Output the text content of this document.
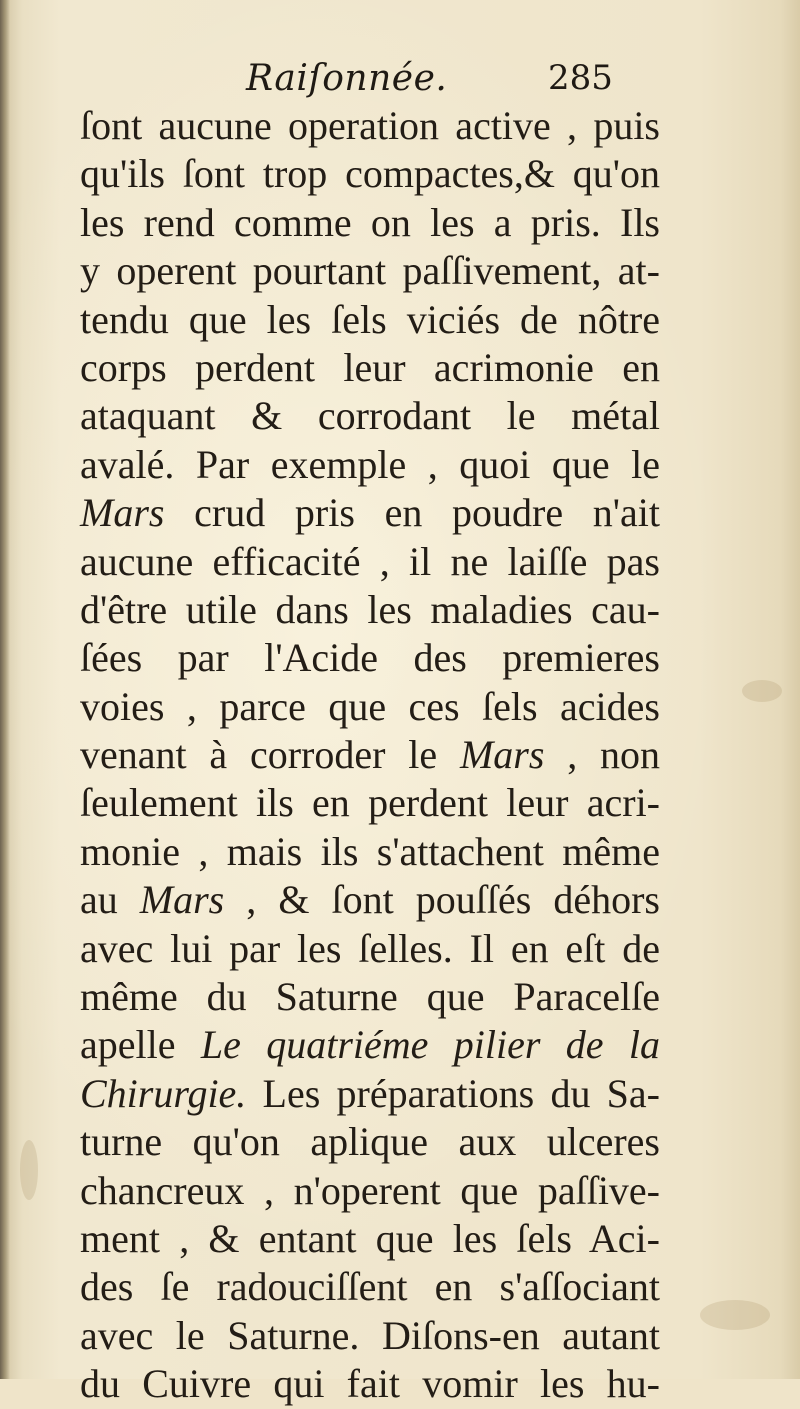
Raiſonnée.	285
ſont aucune operation active , puis
qu'ils ſont trop compactes,& qu'on
les rend comme on les a pris. Ils
y operent pourtant paſſivement, at-
tendu que les ſels viciés de nôtre
corps perdent leur acrimonie en
ataquant & corrodant le métal
avalé. Par exemple , quoi que le
Mars crud pris en poudre n'ait
aucune efficacité , il ne laiſſe pas
d'être utile dans les maladies cau-
ſées par l'Acide des premieres
voies , parce que ces ſels acides
venant à corroder le Mars , non
ſeulement ils en perdent leur acri-
monie , mais ils s'attachent même
au Mars , & ſont pouſſés déhors
avec lui par les ſelles. Il en eſt de
même du Saturne que Paracelſe
apelle Le quatriéme pilier de la
Chirurgie. Les préparations du Sa-
turne qu'on aplique aux ulceres
chancreux , n'operent que paſſive-
ment , & entant que les ſels Aci-
des ſe radouciſſent en s'aſſociant
avec le Saturne. Diſons-en autant
du Cuivre qui fait vomir les hu-
